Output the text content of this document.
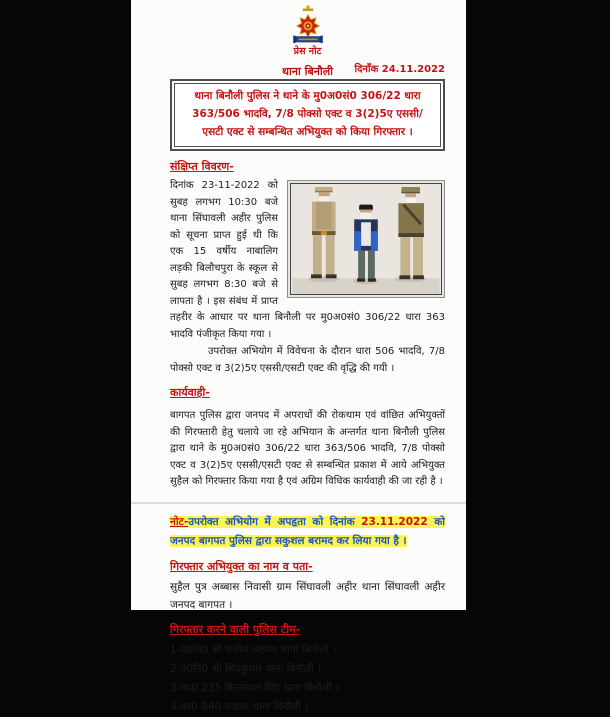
प्रेस नोट
थाना बिनौली दिनाँक 24.11.2022
थाना बिनौली पुलिस ने थाने के मु0अ0सं0 306/22 धारा 363/506 भादवि, 7/8 पोक्सो एक्ट व 3(2)5ए एससी/एसटी एक्ट से सम्बन्धित अभियुक्त को किया गिरफ्तार ।
संक्षिप्त विवरण-

दिनांक 23-11-2022 को सुबह लगभग 10:30 बजे थाना सिंघावली अहीर पुलिस को सूचना प्राप्त हुई थी कि एक 15 वर्षीय नाबालिग लड़की बिलौचपुरा के स्कूल से सुबह लगभग 8:30 बजे से लापता है । इस संबंध में प्राप्त तहरीर के आधार पर थाना बिनौली पर मु0अ0सं0 306/22 धारा 363 भादवि पंजीकृत किया गया ।

उपरोक्त अभियोग में विवेचना के दौरान धारा 506 भादवि, 7/8 पोक्सो एक्ट व 3(2)5ए एससी/एसटी एक्ट की वृद्धि की गयी ।

कार्यवाही-

बागपत पुलिस द्वारा जनपद में अपराधों की रोकथाम एवं वांछित अभियुक्तों की गिरफ्तारी हेतु चलाये जा रहे अभियान के अन्तर्गत थाना बिनौली पुलिस द्वारा थाने के मु0अ0सं0 306/22 धारा 363/506 भादवि, 7/8 पोक्सो एक्ट व 3(2)5ए एससी/एसटी एक्ट से सम्बन्धित प्रकाश में आये अभियुक्त सुहैल को गिरफ्तार किया गया है एवं अग्रिम विधिक कार्यवाही की जा रही है ।

नोट-उपरोक्त अभियोग में अपहृता को दिनांक 23.11.2022 को जनपद बागपत पुलिस द्वारा सकुशल बरामद कर लिया गया है ।

गिरफ्तार अभियुक्त का नाम व पता-

सुहैल पुत्र अब्बास निवासी ग्राम सिंघावली अहीर थाना सिंघावली अहीर जनपद बागपत ।

गिरफ्तार करने वाली पुलिस टीम-
1-प्र0नि0 श्री सलीम अहमद थाना बिनौली ।
2-उ0नि0 श्री शिवकुमार थाना बिनौली ।
3-का0 235 किरनपाल सिंह थाना बिनौली ।
4-का0 840 ज्वाला थाना बिनौली ।
